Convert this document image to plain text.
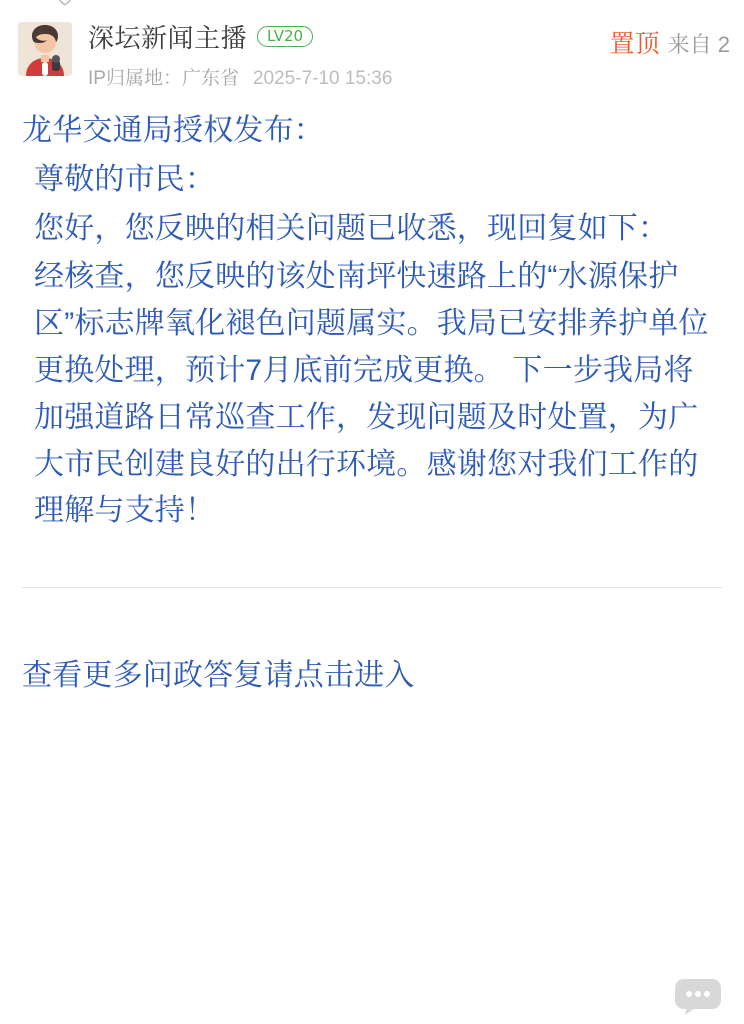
深坛新闻主播	LV20
IP归属地：广东省 2025-7-10 15:36
置顶 来自 2

龙华交通局授权发布：

尊敬的市民：

您好，您反映的相关问题已收悉，现回复如下：

经核查，您反映的该处南坪快速路上的“水源保护区”标志牌氧化褪色问题属实。我局已安排养护单位更换处理，预计7月底前完成更换。 下一步我局将加强道路日常巡查工作，发现问题及时处置，为广大市民创建良好的出行环境。感谢您对我们工作的理解与支持！

查看更多问政答复请点击进入
